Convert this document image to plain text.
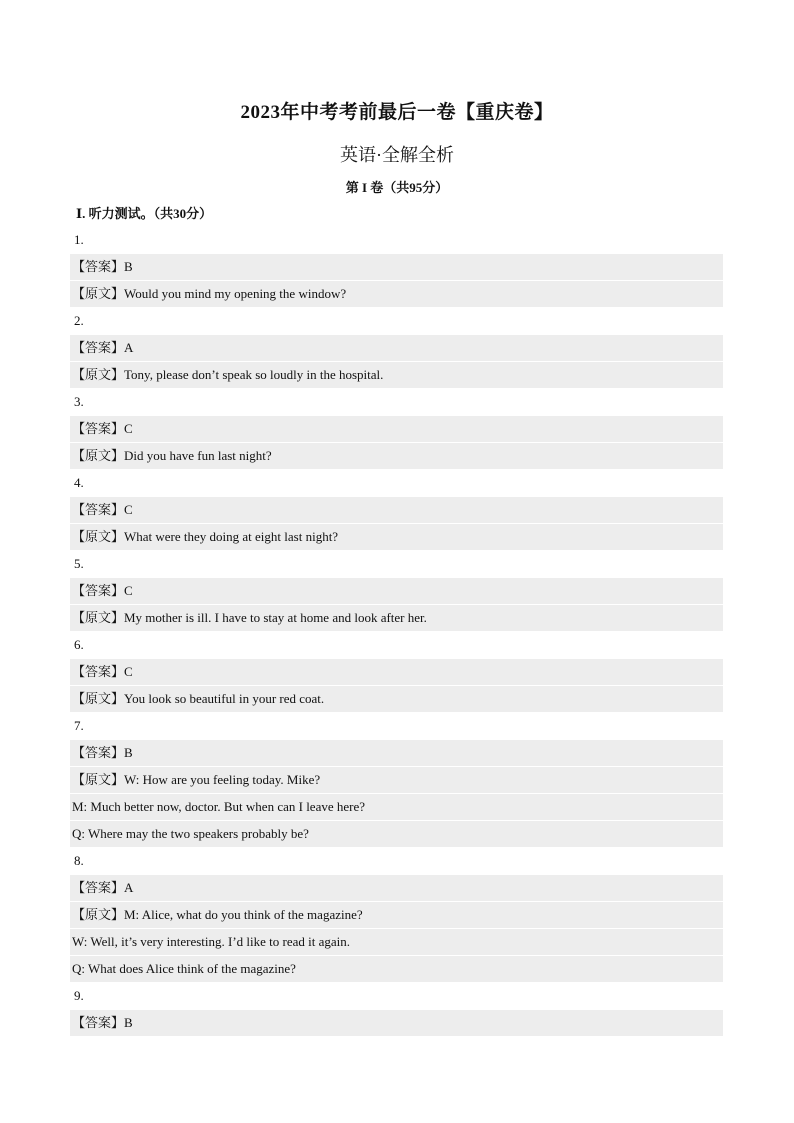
2023年中考考前最后一卷【重庆卷】
英语·全解全析
第 I 卷（共95分）
Ⅰ. 听力测试。（共30分）
1.
【答案】B
【原文】Would you mind my opening the window?
2.
【答案】A
【原文】Tony, please don’t speak so loudly in the hospital.
3.
【答案】C
【原文】Did you have fun last night?
4.
【答案】C
【原文】What were they doing at eight last night?
5.
【答案】C
【原文】My mother is ill. I have to stay at home and look after her.
6.
【答案】C
【原文】You look so beautiful in your red coat.
7.
【答案】B
【原文】W: How are you feeling today. Mike?
M: Much better now, doctor. But when can I leave here?
Q: Where may the two speakers probably be?
8.
【答案】A
【原文】M: Alice, what do you think of the magazine?
W: Well, it’s very interesting. I’d like to read it again.
Q: What does Alice think of the magazine?
9.
【答案】B
